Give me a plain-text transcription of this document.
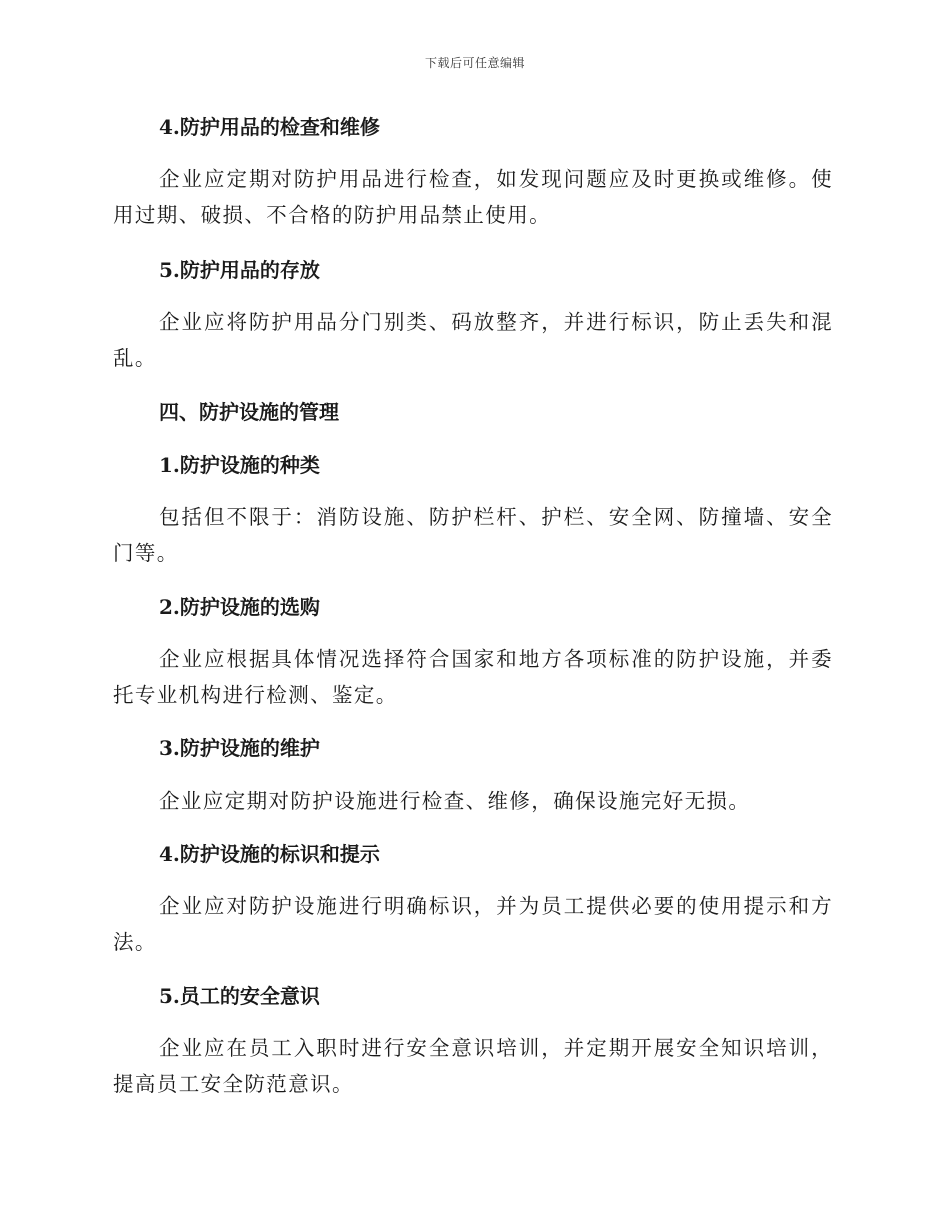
下载后可任意编辑

4.防护用品的检查和维修

企业应定期对防护用品进行检查，如发现问题应及时更换或维修。使用过期、破损、不合格的防护用品禁止使用。

5.防护用品的存放

企业应将防护用品分门别类、码放整齐，并进行标识，防止丢失和混乱。

四、防护设施的管理

1.防护设施的种类

包括但不限于：消防设施、防护栏杆、护栏、安全网、防撞墙、安全门等。

2.防护设施的选购

企业应根据具体情况选择符合国家和地方各项标准的防护设施，并委托专业机构进行检测、鉴定。

3.防护设施的维护

企业应定期对防护设施进行检查、维修，确保设施完好无损。

4.防护设施的标识和提示

企业应对防护设施进行明确标识，并为员工提供必要的使用提示和方法。

5.员工的安全意识

企业应在员工入职时进行安全意识培训，并定期开展安全知识培训，提高员工安全防范意识。
